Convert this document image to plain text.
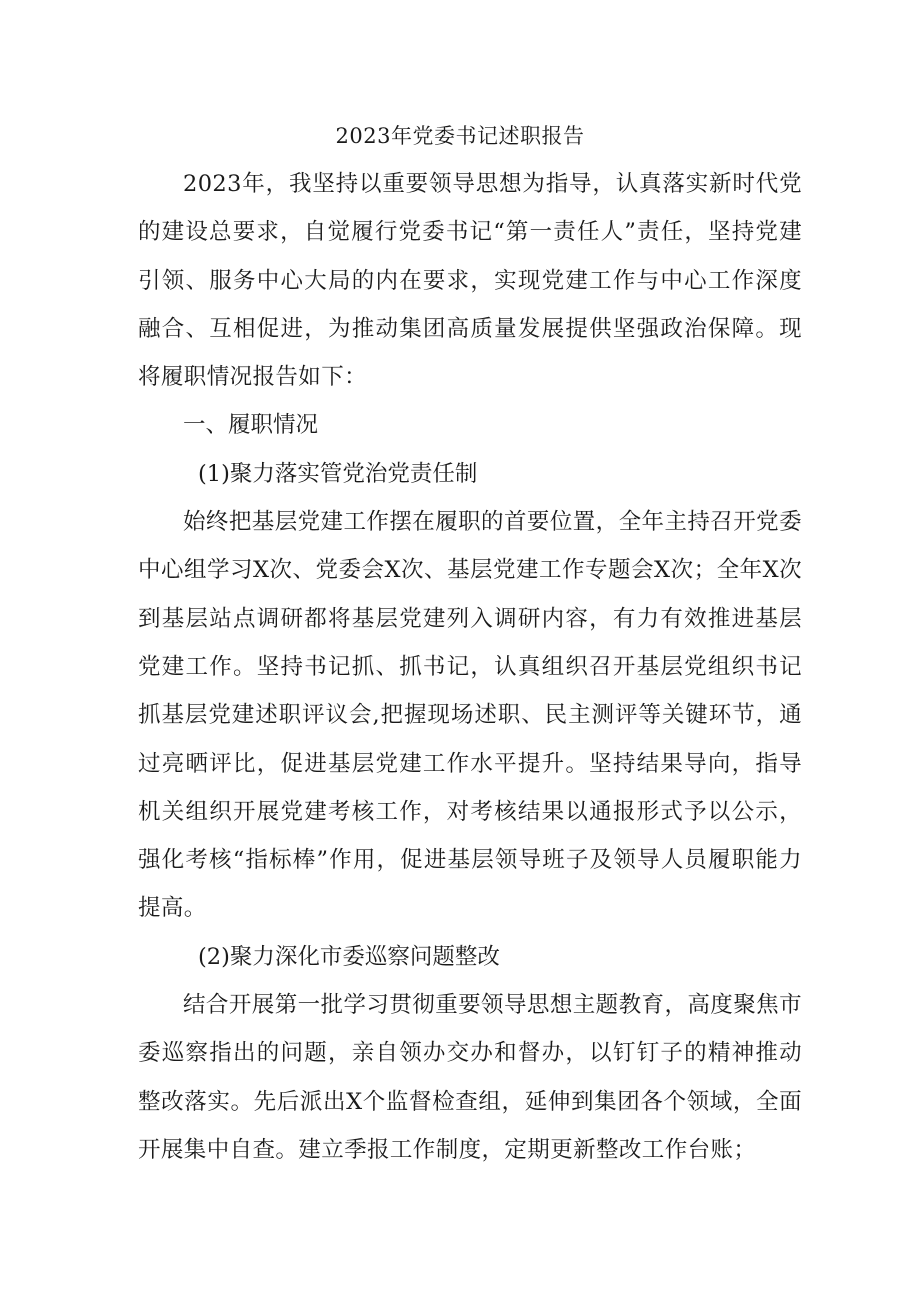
2023年党委书记述职报告

2023年，我坚持以重要领导思想为指导，认真落实新时代党的建设总要求，自觉履行党委书记“第一责任人”责任，坚持党建引领、服务中心大局的内在要求，实现党建工作与中心工作深度融合、互相促进，为推动集团高质量发展提供坚强政治保障。现将履职情况报告如下：

一、履职情况

(1)聚力落实管党治党责任制

始终把基层党建工作摆在履职的首要位置，全年主持召开党委中心组学习X次、党委会X次、基层党建工作专题会X次；全年X次到基层站点调研都将基层党建列入调研内容，有力有效推进基层党建工作。坚持书记抓、抓书记，认真组织召开基层党组织书记抓基层党建述职评议会,把握现场述职、民主测评等关键环节，通过亮晒评比，促进基层党建工作水平提升。坚持结果导向，指导机关组织开展党建考核工作，对考核结果以通报形式予以公示，强化考核“指标棒”作用，促进基层领导班子及领导人员履职能力提高。

(2)聚力深化市委巡察问题整改

结合开展第一批学习贯彻重要领导思想主题教育，高度聚焦市委巡察指出的问题，亲自领办交办和督办，以钉钉子的精神推动整改落实。先后派出X个监督检查组，延伸到集团各个领域，全面开展集中自查。建立季报工作制度，定期更新整改工作台账；
